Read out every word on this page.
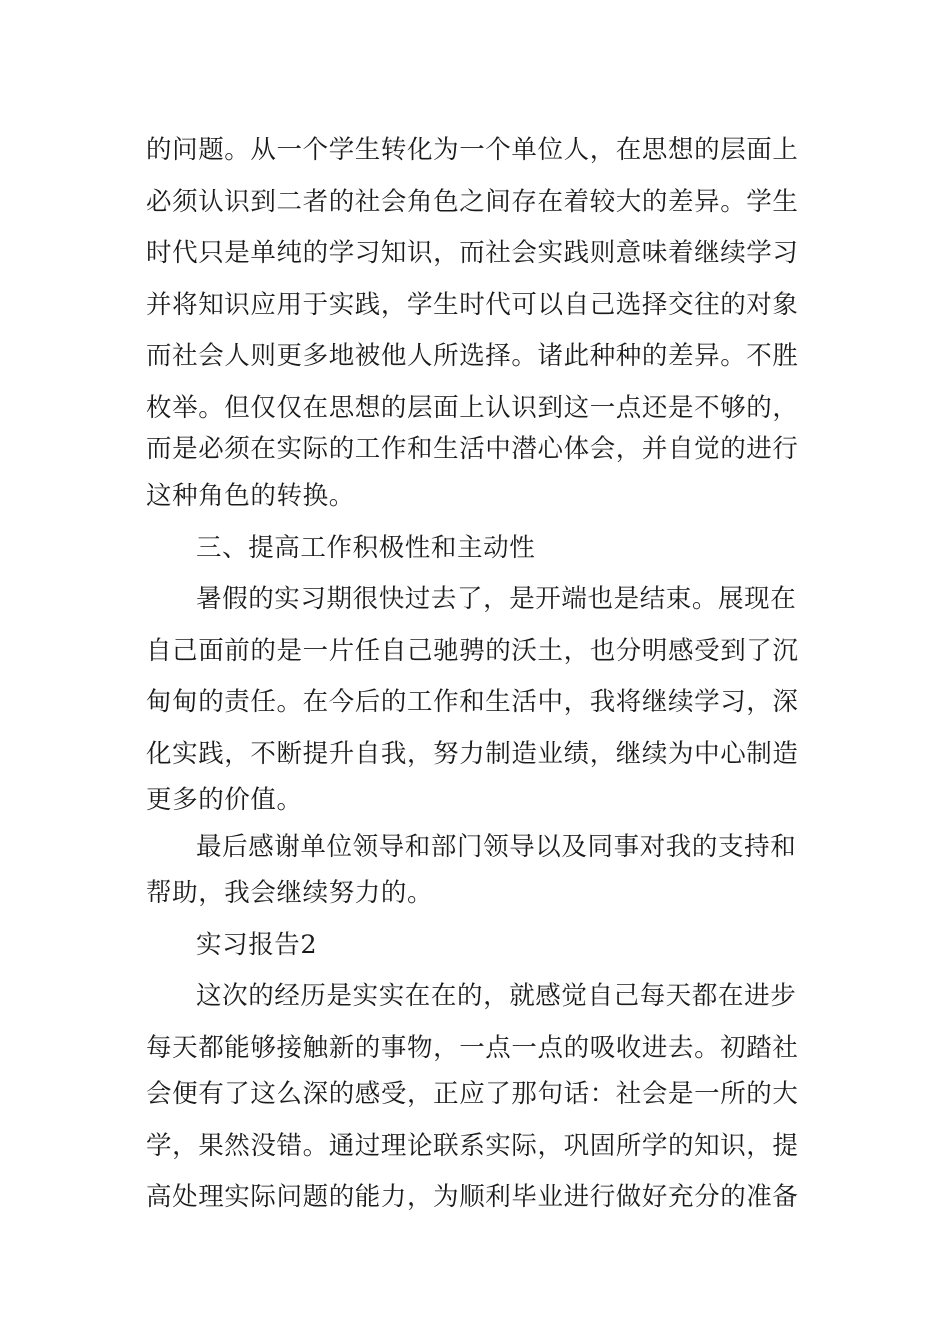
的问题。从一个学生转化为一个单位人，在思想的层面上
必须认识到二者的社会角色之间存在着较大的差异。学生
时代只是单纯的学习知识，而社会实践则意味着继续学习
并将知识应用于实践，学生时代可以自己选择交往的对象
而社会人则更多地被他人所选择。诸此种种的差异。不胜
枚举。但仅仅在思想的层面上认识到这一点还是不够的，
而是必须在实际的工作和生活中潜心体会，并自觉的进行
这种角色的转换。
三、提高工作积极性和主动性
暑假的实习期很快过去了，是开端也是结束。展现在
自己面前的是一片任自己驰骋的沃土，也分明感受到了沉
甸甸的责任。在今后的工作和生活中，我将继续学习，深
化实践，不断提升自我，努力制造业绩，继续为中心制造
更多的价值。
最后感谢单位领导和部门领导以及同事对我的支持和
帮助，我会继续努力的。
实习报告2
这次的经历是实实在在的，就感觉自己每天都在进步
每天都能够接触新的事物，一点一点的吸收进去。初踏社
会便有了这么深的感受，正应了那句话：社会是一所的大
学，果然没错。通过理论联系实际，巩固所学的知识，提
高处理实际问题的能力，为顺利毕业进行做好充分的准备
